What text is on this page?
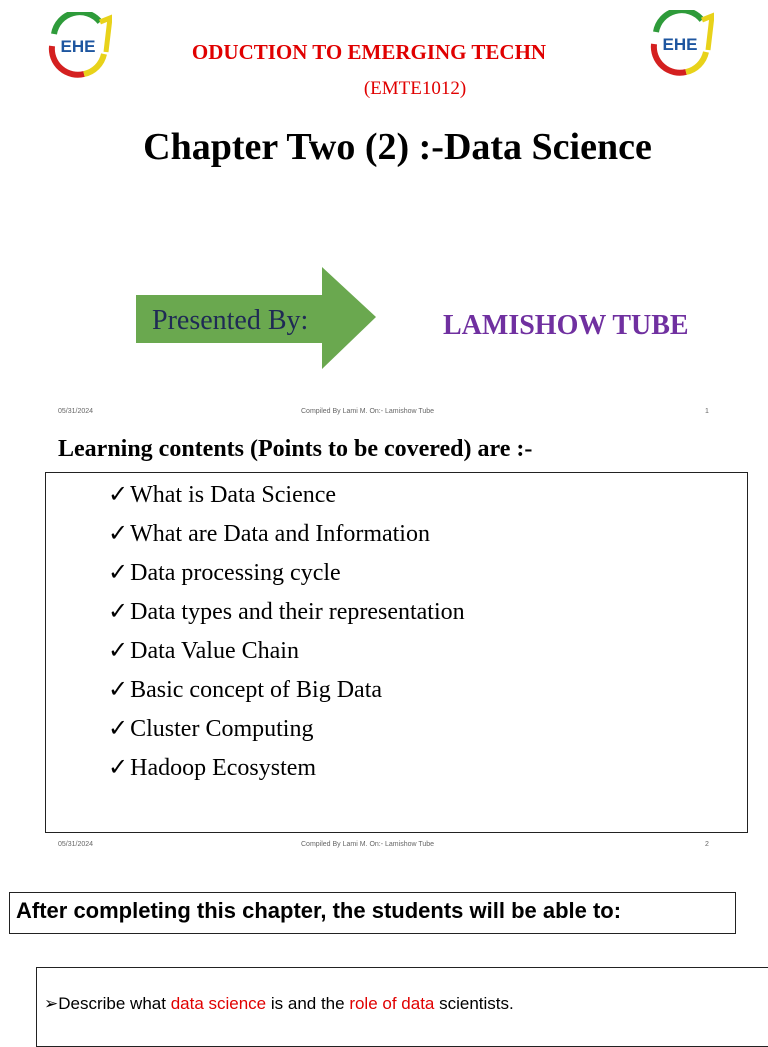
EHE	EHE
ODUCTION TO EMERGING TECHN
(EMTE1012)
Chapter Two (2) :-Data Science
Presented By:	LAMISHOW TUBE
05/31/2024	Compiled By Lami M. On:- Lamishow Tube	1
Learning contents (Points to be covered) are :-
✓What is Data Science
✓What are Data and Information
✓Data processing cycle
✓Data types and their representation
✓Data Value Chain
✓Basic concept of Big Data
✓Cluster Computing
✓Hadoop Ecosystem
05/31/2024	Compiled By Lami M. On:- Lamishow Tube	2
After completing this chapter, the students will be able to:
➢Describe what data science is and the role of data scientists.
